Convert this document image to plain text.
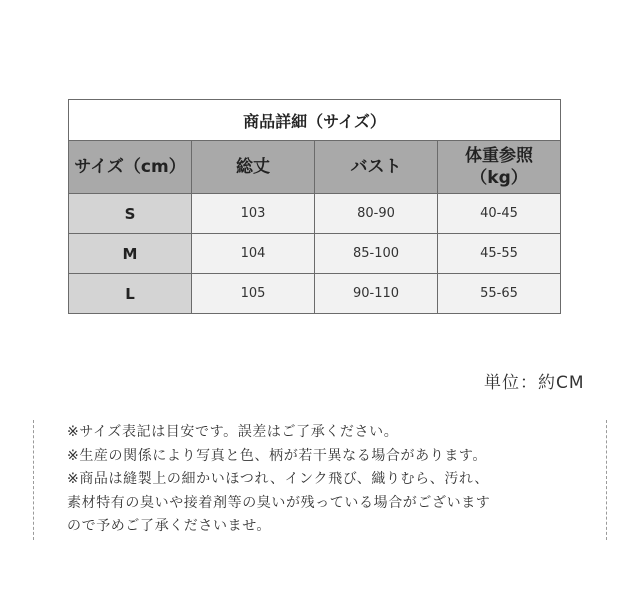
商品詳細（サイズ）			
サイズ（cm）	総丈	バスト	体重参照
（kg）
S	103	80-90	40-45
M	104	85-100	45-55
L	105	90-110	55-65
単位：約CM
※サイズ表記は目安です。誤差はご了承ください。
※生産の関係により写真と色、柄が若干異なる場合があります。
※商品は縫製上の細かいほつれ、インク飛び、織りむら、汚れ、
素材特有の臭いや接着剤等の臭いが残っている場合がございます
ので予めご了承くださいませ。
